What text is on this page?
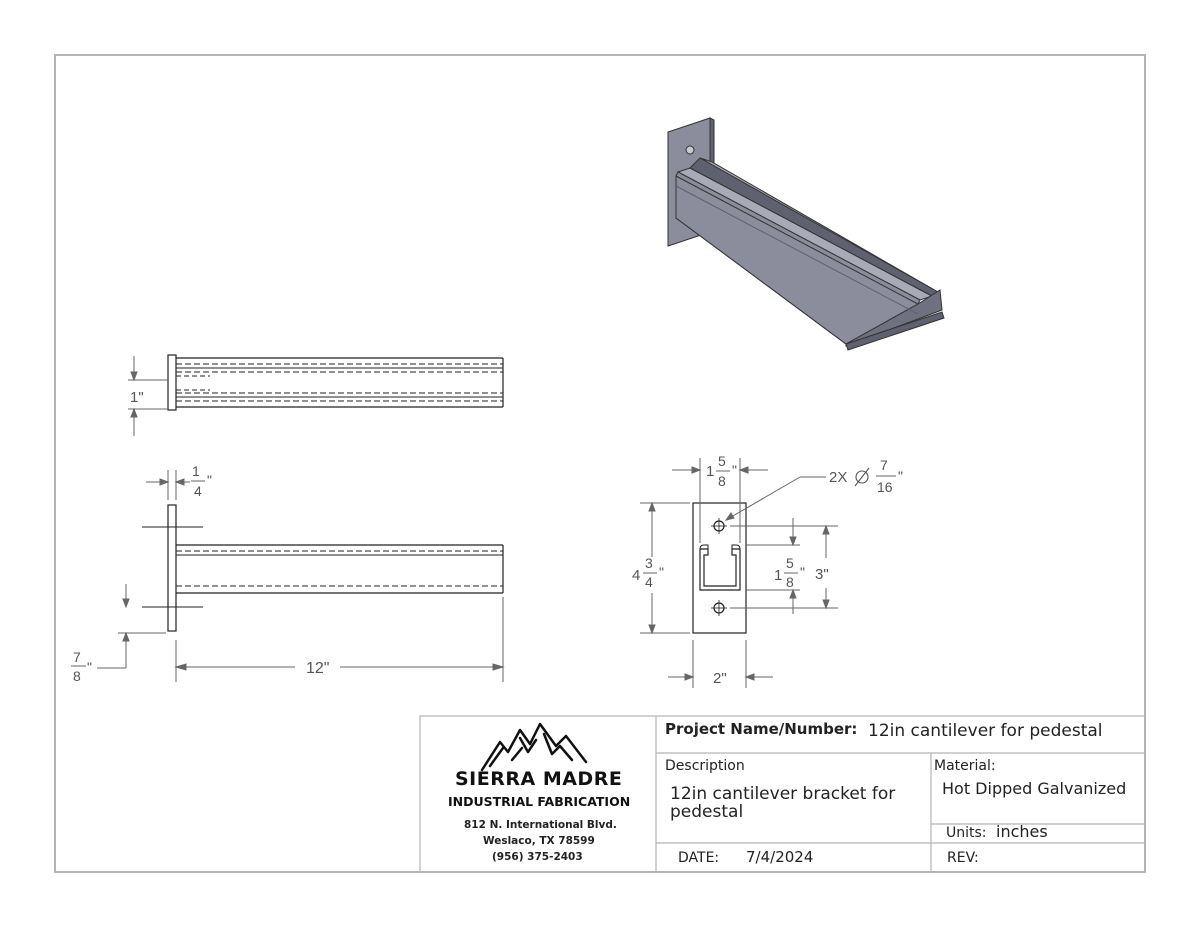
1"
1
4
"
7
8
"	12"
1
5
8
"	2X
7
16
"
4
3
4
"	1
5
8
" 3"
2"
SIERRA MADRE
INDUSTRIAL FABRICATION
812 N. International Blvd.
Weslaco, TX 78599
(956) 375-2403
Project Name/Number: 12in cantilever for pedestal
Description
12in cantilever bracket for
pedestal
Material:
Hot Dipped Galvanized
Units: inches
DATE: 7/4/2024	REV:
